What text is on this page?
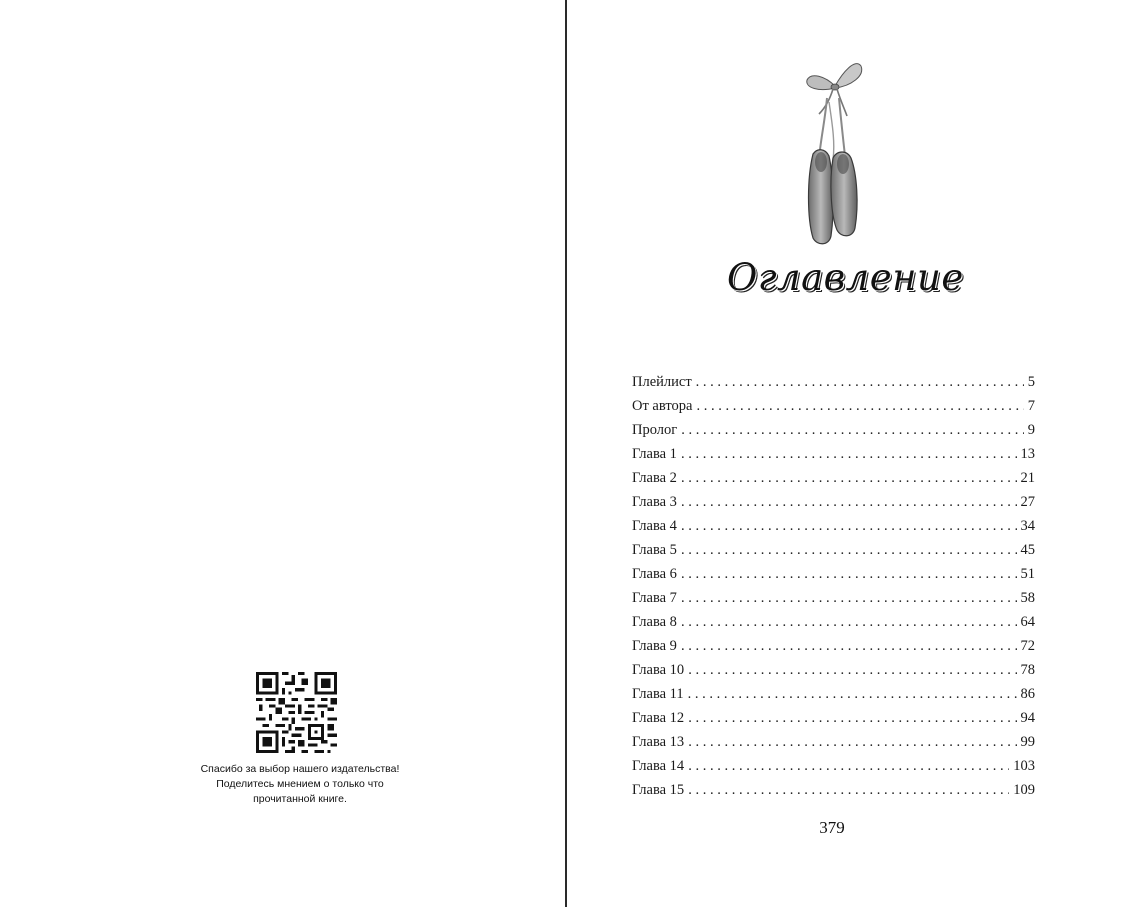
Спасибо за выбор нашего издательства!
Поделитесь мнением о только что
прочитанной книге.
Оглавление
Плейлист . . .	5
От автора . . .	7
Пролог . . .	9
Глава 1 . . .	13
Глава 2 . . .	21
Глава 3 . . .	27
Глава 4 . . .	34
Глава 5 . . .	45
Глава 6 . . .	51
Глава 7 . . .	58
Глава 8 . . .	64
Глава 9 . . .	72
Глава 10 . . .	78
Глава 11 . . .	86
Глава 12 . . .	94
Глава 13 . . .	99
Глава 14 . . .	103
Глава 15 . . .	109
379
